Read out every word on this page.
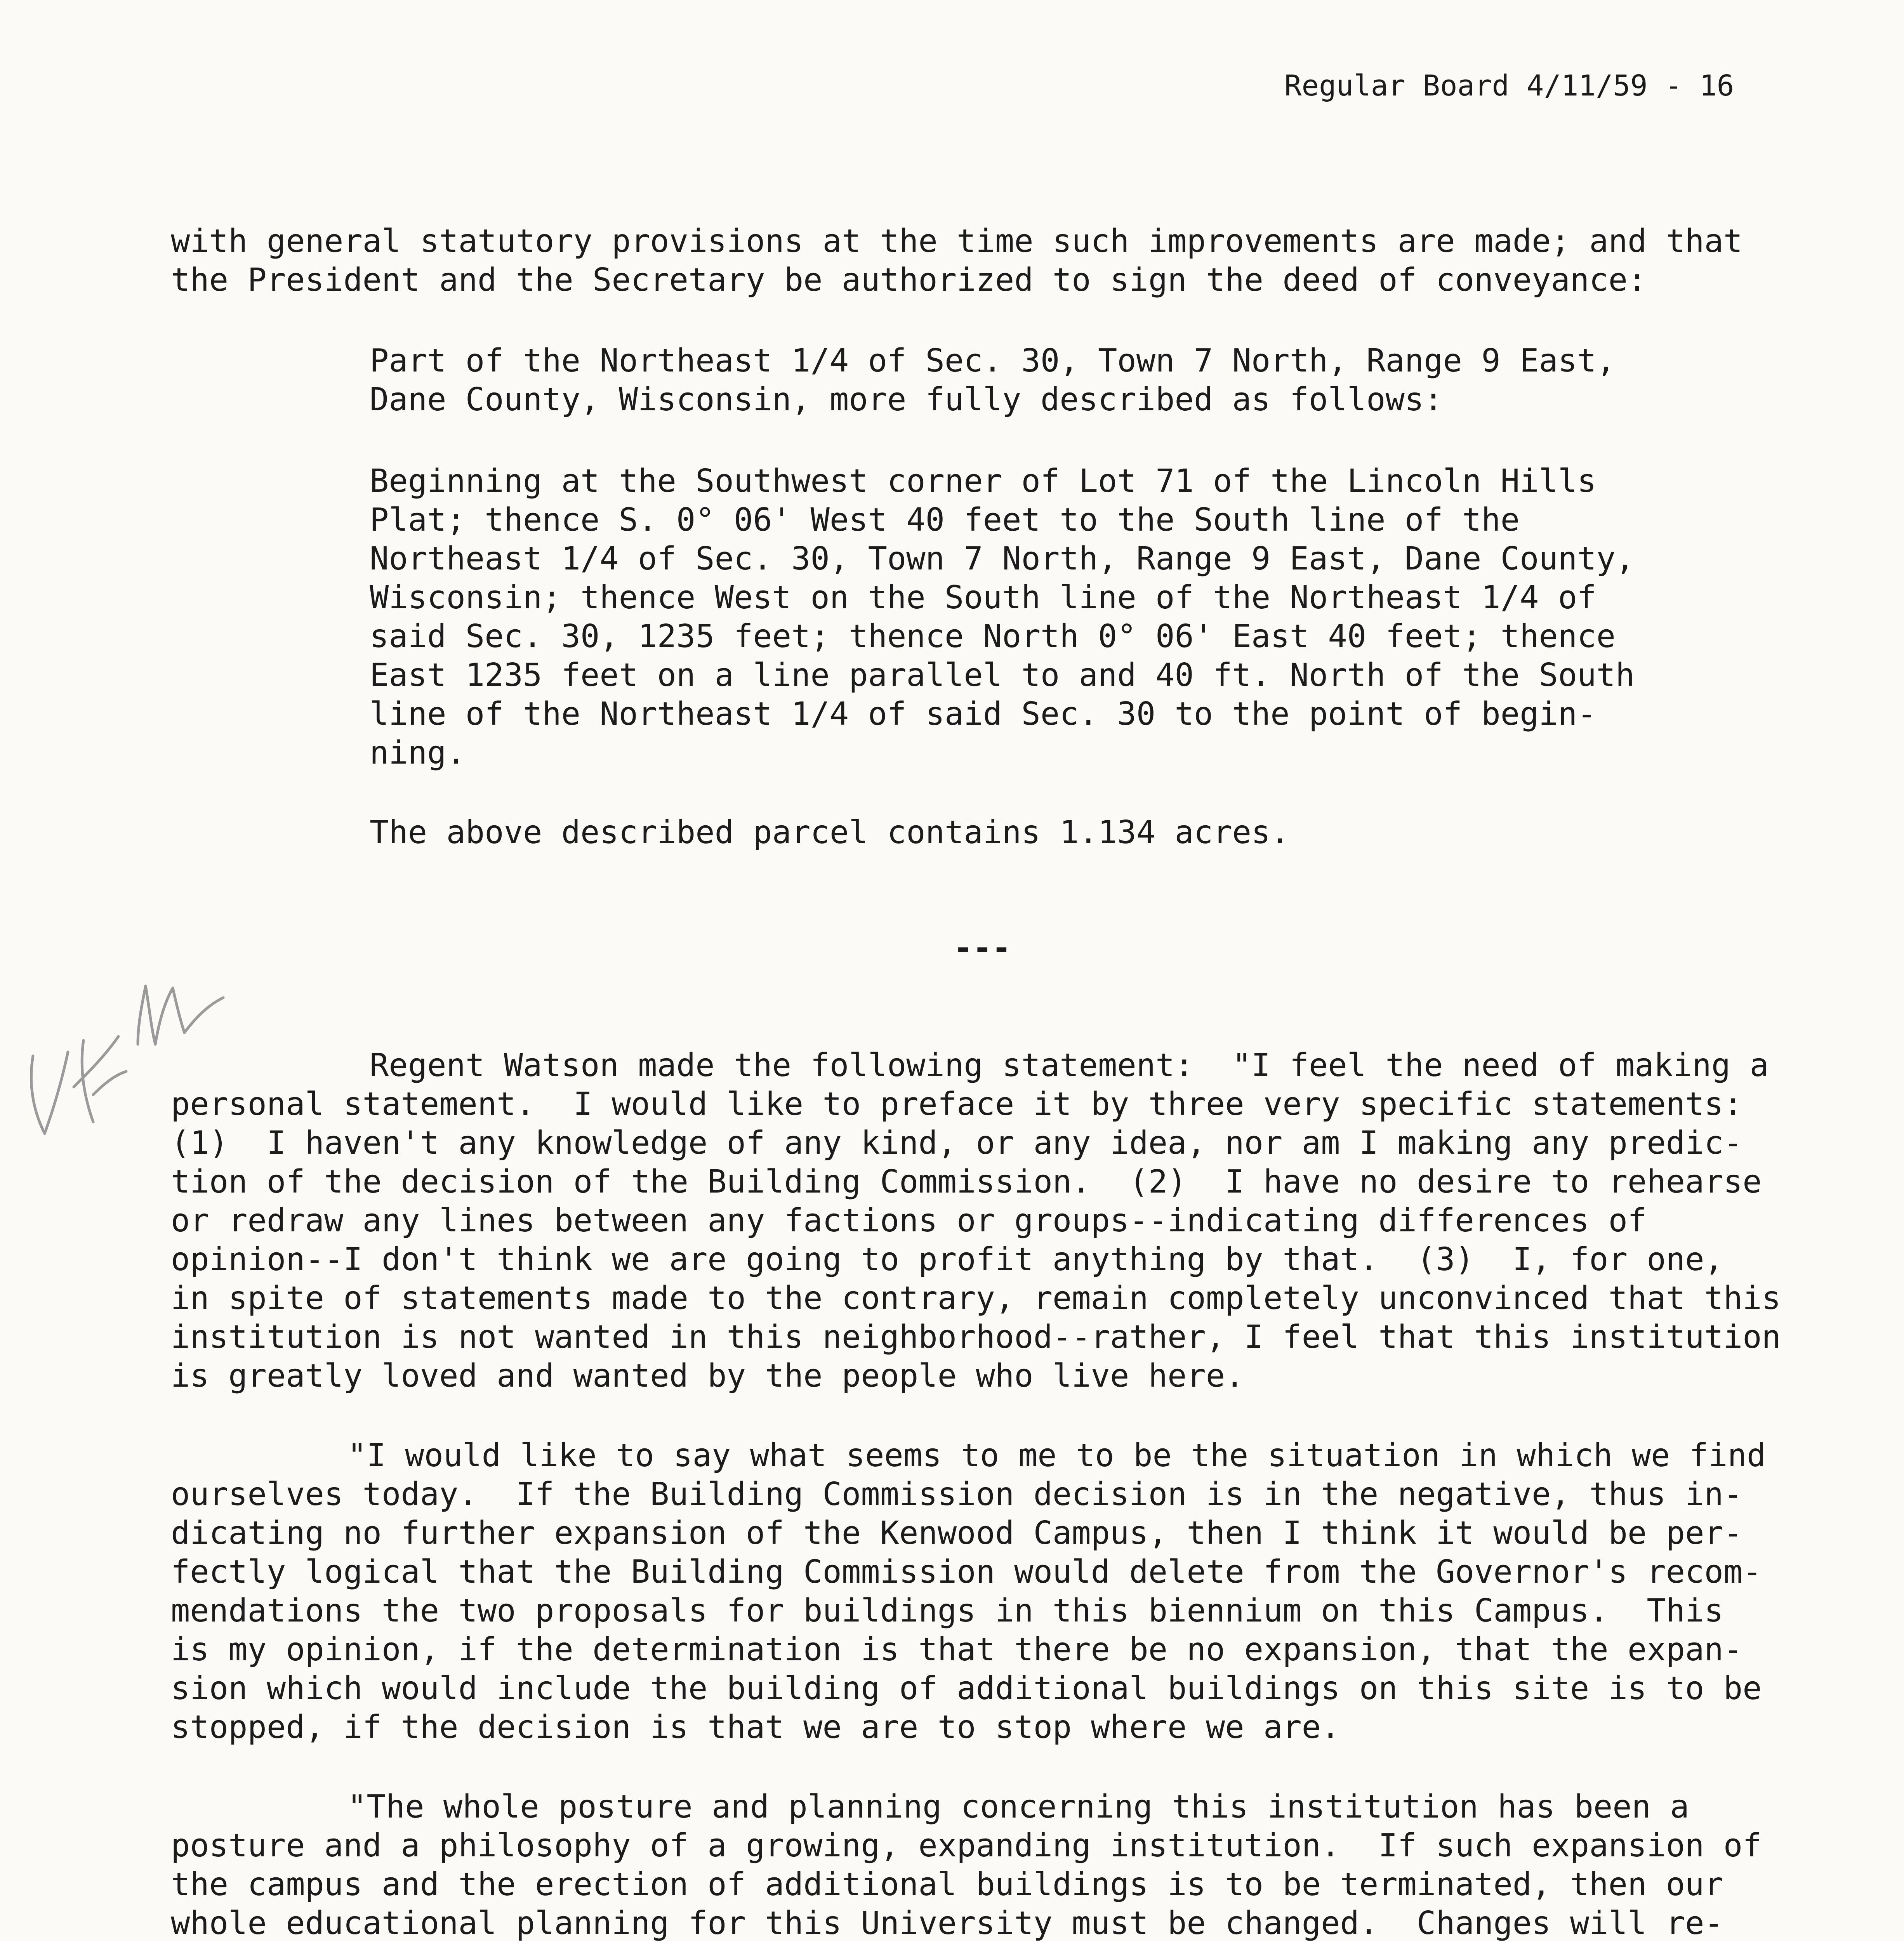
Regular Board 4/11/59 - 16
with general statutory provisions at the time such improvements are made; and that
the President and the Secretary be authorized to sign the deed of conveyance:
Part of the Northeast 1/4 of Sec. 30, Town 7 North, Range 9 East,
Dane County, Wisconsin, more fully described as follows:
Beginning at the Southwest corner of Lot 71 of the Lincoln Hills
Plat; thence S. 0° 06' West 40 feet to the South line of the
Northeast 1/4 of Sec. 30, Town 7 North, Range 9 East, Dane County,
Wisconsin; thence West on the South line of the Northeast 1/4 of
said Sec. 30, 1235 feet; thence North 0° 06' East 40 feet; thence
East 1235 feet on a line parallel to and 40 ft. North of the South
line of the Northeast 1/4 of said Sec. 30 to the point of begin-
ning.
The above described parcel contains 1.134 acres.
---
Regent Watson made the following statement:  "I feel the need of making a
personal statement.  I would like to preface it by three very specific statements:
(1)  I haven't any knowledge of any kind, or any idea, nor am I making any predic-
tion of the decision of the Building Commission.  (2)  I have no desire to rehearse
or redraw any lines between any factions or groups--indicating differences of
opinion--I don't think we are going to profit anything by that.  (3)  I, for one,
in spite of statements made to the contrary, remain completely unconvinced that this
institution is not wanted in this neighborhood--rather, I feel that this institution
is greatly loved and wanted by the people who live here.
"I would like to say what seems to me to be the situation in which we find
ourselves today.  If the Building Commission decision is in the negative, thus in-
dicating no further expansion of the Kenwood Campus, then I think it would be per-
fectly logical that the Building Commission would delete from the Governor's recom-
mendations the two proposals for buildings in this biennium on this Campus.  This
is my opinion, if the determination is that there be no expansion, that the expan-
sion which would include the building of additional buildings on this site is to be
stopped, if the decision is that we are to stop where we are.
"The whole posture and planning concerning this institution has been a
posture and a philosophy of a growing, expanding institution.  If such expansion of
the campus and the erection of additional buildings is to be terminated, then our
whole educational planning for this University must be changed.  Changes will re-
